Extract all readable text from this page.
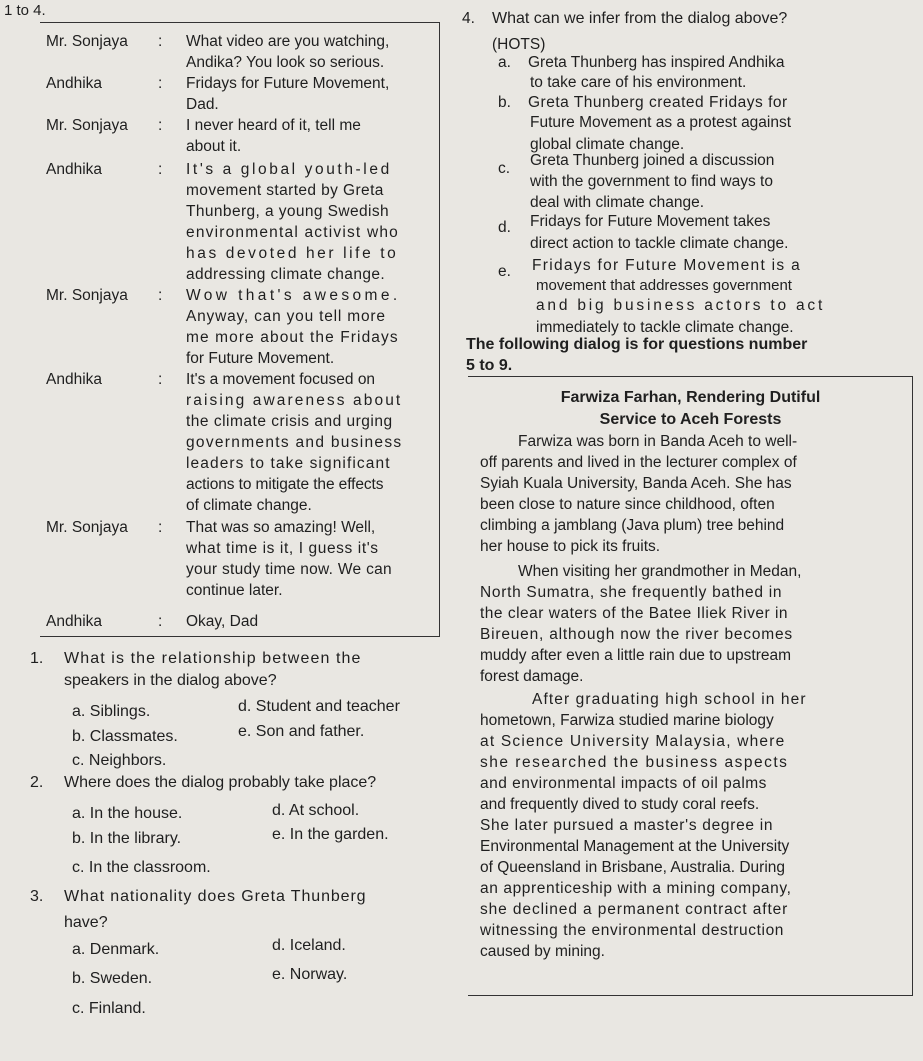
1 to 4.
Mr. Sonjaya : What video are you watching,
Andika? You look so serious.
Andhika	: Fridays for Future Movement,
Dad.
Mr. Sonjaya : I never heard of it, tell me
about it.
Andhika	: It's a global youth-led
movement started by Greta
Thunberg, a young Swedish
environmental activist who
has devoted her life to
addressing climate change.
Mr. Sonjaya : Wow that's awesome.
Anyway, can you tell more
me more about the Fridays
for Future Movement.
Andhika	: It's a movement focused on
raising awareness about
the climate crisis and urging
governments and business
leaders to take significant
actions to mitigate the effects
of climate change.
Mr. Sonjaya : That was so amazing! Well,
what time is it, I guess it's
your study time now. We can
continue later.
Andhika	: Okay, Dad
1. What is the relationship between the
speakers in the dialog above?
a. Siblings.	d. Student and teacher
b. Classmates.	e. Son and father.
c. Neighbors.
2. Where does the dialog probably take place?
a. In the house.	d. At school.
b. In the library.	e. In the garden.
c. In the classroom.
3. What nationality does Greta Thunberg
have?
a. Denmark.	d. Iceland.
b. Sweden.	e. Norway.
c. Finland.
4. What can we infer from the dialog above?
(HOTS)
a. Greta Thunberg has inspired Andhika
to take care of his environment.
b. Greta Thunberg created Fridays for
Future Movement as a protest against
global climate change.
c. Greta Thunberg joined a discussion
with the government to find ways to
deal with climate change.
d. Fridays for Future Movement takes
direct action to tackle climate change.
e. Fridays for Future Movement is a
movement that addresses government
and big business actors to act
immediately to tackle climate change.
The following dialog is for questions number
5 to 9.
Farwiza Farhan, Rendering Dutiful
Service to Aceh Forests
Farwiza was born in Banda Aceh to well-
off parents and lived in the lecturer complex of
Syiah Kuala University, Banda Aceh. She has
been close to nature since childhood, often
climbing a jamblang (Java plum) tree behind
her house to pick its fruits.
When visiting her grandmother in Medan,
North Sumatra, she frequently bathed in
the clear waters of the Batee Iliek River in
Bireuen, although now the river becomes
muddy after even a little rain due to upstream
forest damage.
After graduating high school in her
hometown, Farwiza studied marine biology
at Science University Malaysia, where
she researched the business aspects
and environmental impacts of oil palms
and frequently dived to study coral reefs.
She later pursued a master's degree in
Environmental Management at the University
of Queensland in Brisbane, Australia. During
an apprenticeship with a mining company,
she declined a permanent contract after
witnessing the environmental destruction
caused by mining.
